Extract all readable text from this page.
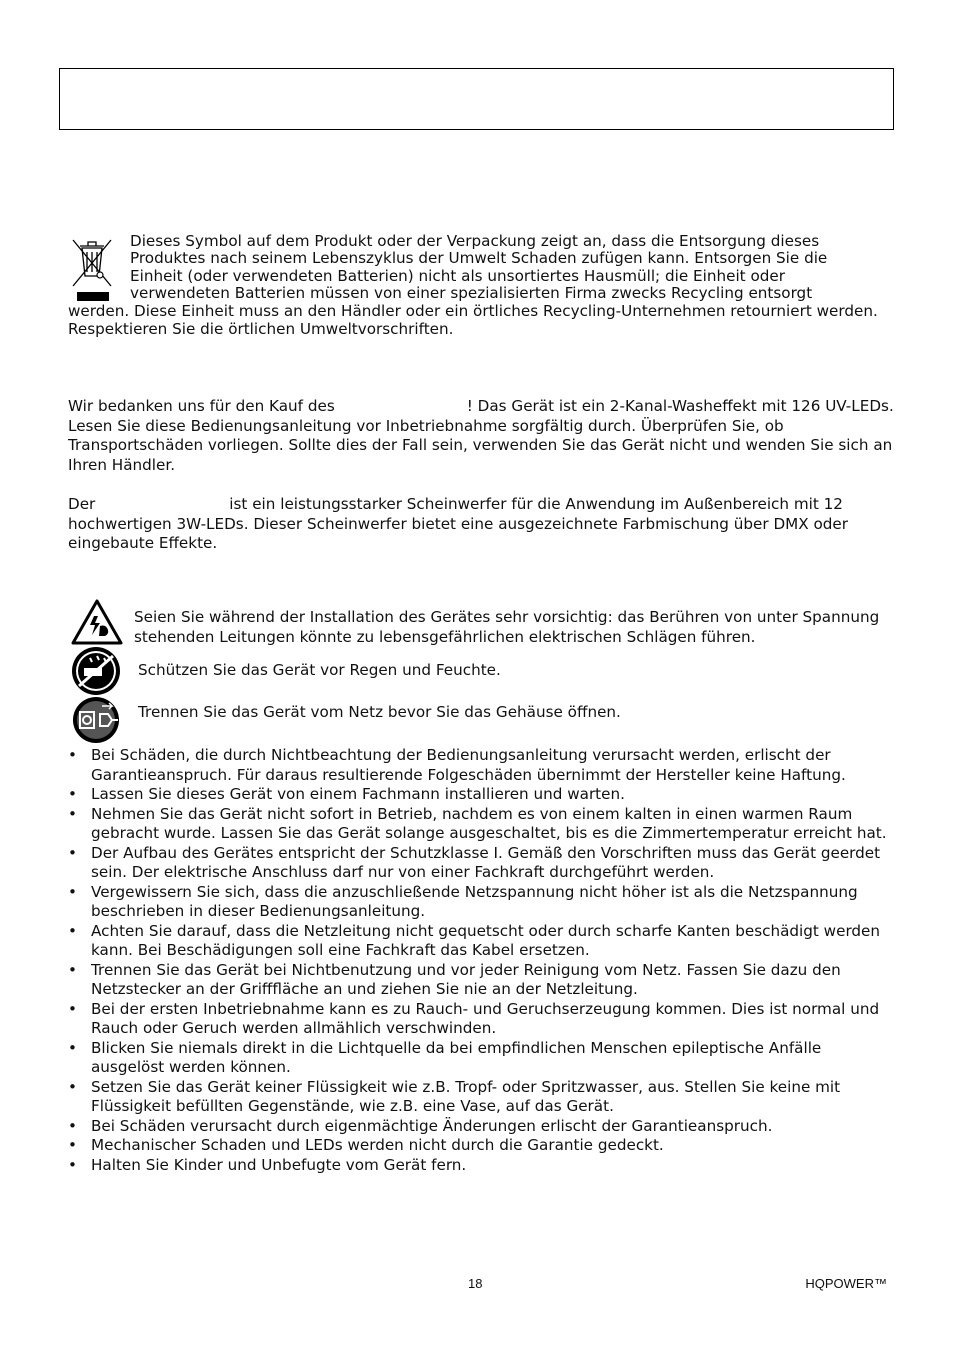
Dieses Symbol auf dem Produkt oder der Verpackung zeigt an, dass die Entsorgung dieses

Produktes nach seinem Lebenszyklus der Umwelt Schaden zufügen kann. Entsorgen Sie die

Einheit (oder verwendeten Batterien) nicht als unsortiertes Hausmüll; die Einheit oder

verwendeten Batterien müssen von einer spezialisierten Firma zwecks Recycling entsorgt

werden. Diese Einheit muss an den Händler oder ein örtliches Recycling-Unternehmen retourniert werden. Respektieren Sie die örtlichen Umweltvorschriften.

Wir bedanken uns für den Kauf des	! Das Gerät ist ein 2-Kanal-Washeffekt mit 126 UV-LEDs. Lesen Sie diese Bedienungsanleitung vor Inbetriebnahme sorgfältig durch. Überprüfen Sie, ob Transportschäden vorliegen. Sollte dies der Fall sein, verwenden Sie das Gerät nicht und wenden Sie sich an Ihren Händler.

Der	ist ein leistungsstarker Scheinwerfer für die Anwendung im Außenbereich mit 12 hochwertigen 3W-LEDs. Dieser Scheinwerfer bietet eine ausgezeichnete Farbmischung über DMX oder eingebaute Effekte.

Seien Sie während der Installation des Gerätes sehr vorsichtig: das Berühren von unter Spannung stehenden Leitungen könnte zu lebensgefährlichen elektrischen Schlägen führen.

Schützen Sie das Gerät vor Regen und Feuchte.

Trennen Sie das Gerät vom Netz bevor Sie das Gehäuse öffnen.

• Bei Schäden, die durch Nichtbeachtung der Bedienungsanleitung verursacht werden, erlischt der Garantieanspruch. Für daraus resultierende Folgeschäden übernimmt der Hersteller keine Haftung.
• Lassen Sie dieses Gerät von einem Fachmann installieren und warten.
• Nehmen Sie das Gerät nicht sofort in Betrieb, nachdem es von einem kalten in einen warmen Raum gebracht wurde. Lassen Sie das Gerät solange ausgeschaltet, bis es die Zimmertemperatur erreicht hat.
• Der Aufbau des Gerätes entspricht der Schutzklasse I. Gemäß den Vorschriften muss das Gerät geerdet sein. Der elektrische Anschluss darf nur von einer Fachkraft durchgeführt werden.
• Vergewissern Sie sich, dass die anzuschließende Netzspannung nicht höher ist als die Netzspannung beschrieben in dieser Bedienungsanleitung.
• Achten Sie darauf, dass die Netzleitung nicht gequetscht oder durch scharfe Kanten beschädigt werden kann. Bei Beschädigungen soll eine Fachkraft das Kabel ersetzen.
• Trennen Sie das Gerät bei Nichtbenutzung und vor jeder Reinigung vom Netz. Fassen Sie dazu den Netzstecker an der Grifffläche an und ziehen Sie nie an der Netzleitung.
• Bei der ersten Inbetriebnahme kann es zu Rauch- und Geruchserzeugung kommen. Dies ist normal und Rauch oder Geruch werden allmählich verschwinden.
• Blicken Sie niemals direkt in die Lichtquelle da bei empfindlichen Menschen epileptische Anfälle ausgelöst werden können.
• Setzen Sie das Gerät keiner Flüssigkeit wie z.B. Tropf- oder Spritzwasser, aus. Stellen Sie keine mit Flüssigkeit befüllten Gegenstände, wie z.B. eine Vase, auf das Gerät.
• Bei Schäden verursacht durch eigenmächtige Änderungen erlischt der Garantieanspruch.
• Mechanischer Schaden und LEDs werden nicht durch die Garantie gedeckt.
• Halten Sie Kinder und Unbefugte vom Gerät fern.
18	HQPOWER™
